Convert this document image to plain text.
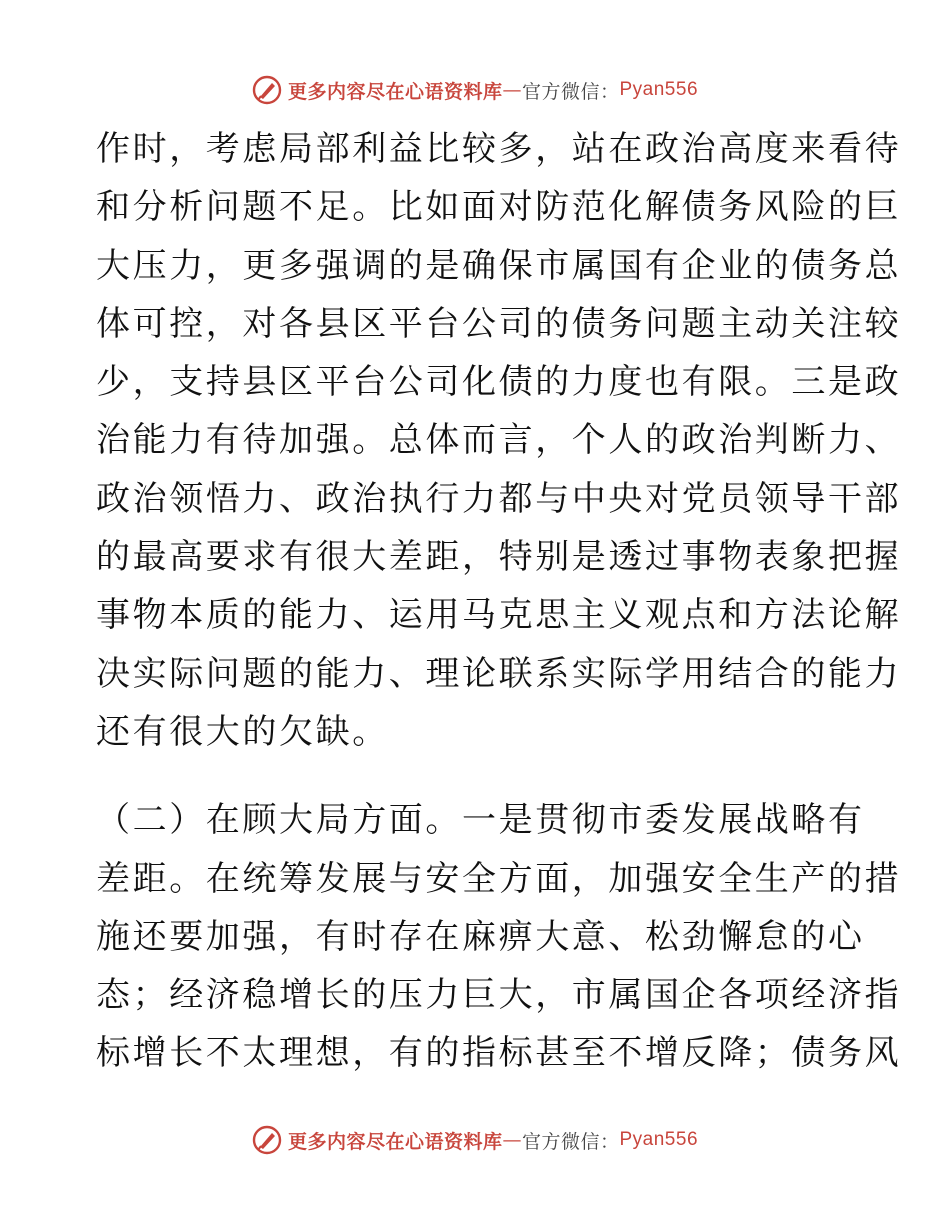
更多内容尽在心语资料库 — 官方微信： Pyan556

作时，考虑局部利益比较多，站在政治高度来看待
和分析问题不足。比如面对防范化解债务风险的巨
大压力，更多强调的是确保市属国有企业的债务总
体可控，对各县区平台公司的债务问题主动关注较
少，支持县区平台公司化债的力度也有限。三是政
治能力有待加强。总体而言，个人的政治判断力、
政治领悟力、政治执行力都与中央对党员领导干部
的最高要求有很大差距，特别是透过事物表象把握
事物本质的能力、运用马克思主义观点和方法论解
决实际问题的能力、理论联系实际学用结合的能力
还有很大的欠缺。

（二）在顾大局方面。一是贯彻市委发展战略有
差距。在统筹发展与安全方面，加强安全生产的措
施还要加强，有时存在麻痹大意、松劲懈怠的心
态；经济稳增长的压力巨大，市属国企各项经济指
标增长不太理想，有的指标甚至不增反降；债务风

更多内容尽在心语资料库 — 官方微信： Pyan556
